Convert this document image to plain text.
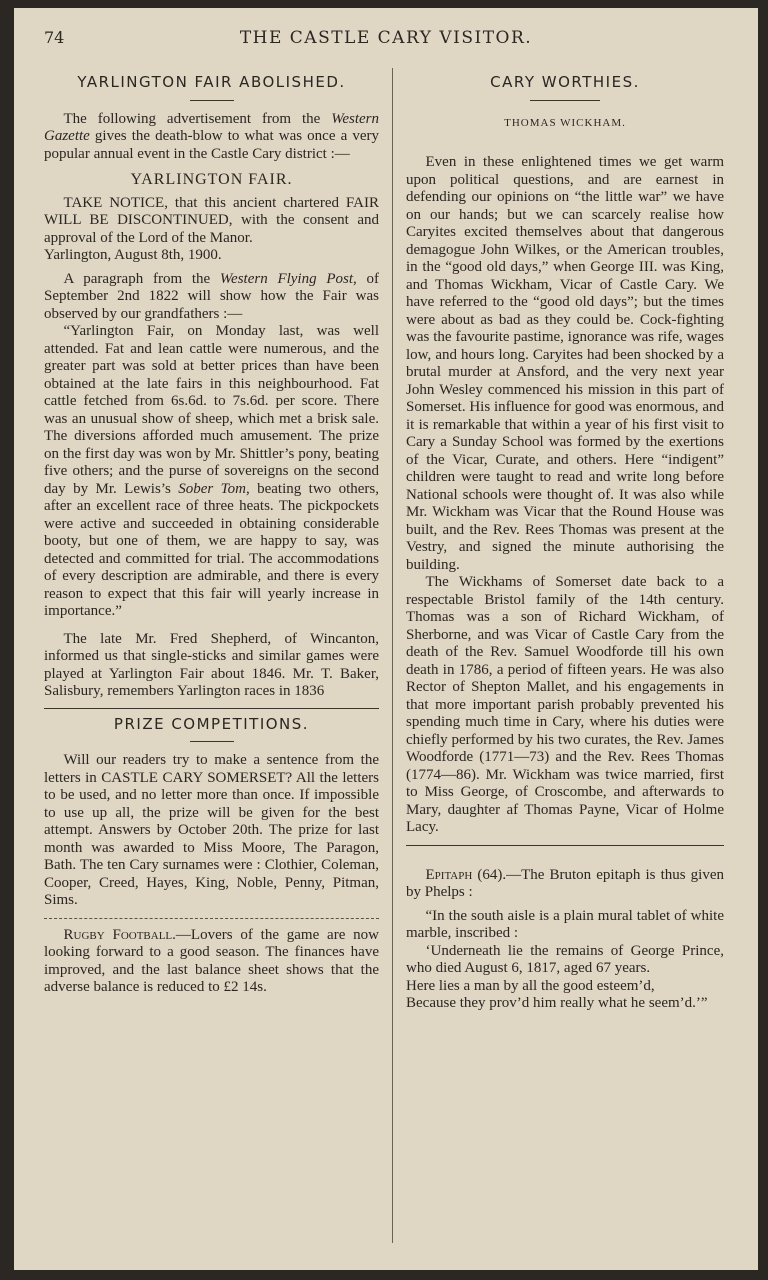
74	THE CASTLE CARY VISITOR.
YARLINGTON FAIR ABOLISHED.

The following advertisement from the Western Gazette gives the death-blow to what was once a very popular annual event in the Castle Cary district :—

YARLINGTON FAIR.

TAKE NOTICE, that this ancient chartered FAIR WILL BE DISCONTINUED, with the consent and approval of the Lord of the Manor.

Yarlington, August 8th, 1900.

A paragraph from the Western Flying Post, of September 2nd 1822 will show how the Fair was observed by our grandfathers :—

“Yarlington Fair, on Monday last, was well attended. Fat and lean cattle were numerous, and the greater part was sold at better prices than have been obtained at the late fairs in this neighbourhood. Fat cattle fetched from 6s.6d. to 7s.6d. per score. There was an unusual show of sheep, which met a brisk sale. The diversions afforded much amusement. The prize on the first day was won by Mr. Shittler’s pony, beating five others; and the purse of sovereigns on the second day by Mr. Lewis’s Sober Tom, beating two others, after an excellent race of three heats. The pickpockets were active and succeeded in obtaining considerable booty, but one of them, we are happy to say, was detected and committed for trial. The accommodations of every description are admirable, and there is every reason to expect that this fair will yearly increase in importance.”

The late Mr. Fred Shepherd, of Wincanton, informed us that single-sticks and similar games were played at Yarlington Fair about 1846. Mr. T. Baker, Salisbury, remembers Yarlington races in 1836

PRIZE COMPETITIONS.

Will our readers try to make a sentence from the letters in CASTLE CARY SOMERSET? All the letters to be used, and no letter more than once. If impossible to use up all, the prize will be given for the best attempt. Answers by October 20th. The prize for last month was awarded to Miss Moore, The Paragon, Bath. The ten Cary surnames were : Clothier, Coleman, Cooper, Creed, Hayes, King, Noble, Penny, Pitman, Sims.

Rugby Football.—Lovers of the game are now looking forward to a good season. The finances have improved, and the last balance sheet shows that the adverse balance is reduced to £2 14s.

CARY WORTHIES.
THOMAS WICKHAM.

Even in these enlightened times we get warm upon political questions, and are earnest in defending our opinions on “the little war” we have on our hands; but we can scarcely realise how Caryites excited themselves about that dangerous demagogue John Wilkes, or the American troubles, in the “good old days,” when George III. was King, and Thomas Wickham, Vicar of Castle Cary. We have referred to the “good old days”; but the times were about as bad as they could be. Cock-fighting was the favourite pastime, ignorance was rife, wages low, and hours long. Caryites had been shocked by a brutal murder at Ansford, and the very next year John Wesley commenced his mission in this part of Somerset. His influence for good was enormous, and it is remarkable that within a year of his first visit to Cary a Sunday School was formed by the exertions of the Vicar, Curate, and others. Here “indigent” children were taught to read and write long before National schools were thought of. It was also while Mr. Wickham was Vicar that the Round House was built, and the Rev. Rees Thomas was present at the Vestry, and signed the minute authorising the building.

The Wickhams of Somerset date back to a respectable Bristol family of the 14th century. Thomas was a son of Richard Wickham, of Sherborne, and was Vicar of Castle Cary from the death of the Rev. Samuel Woodforde till his own death in 1786, a period of fifteen years. He was also Rector of Shepton Mallet, and his engagements in that more important parish probably prevented his spending much time in Cary, where his duties were chiefly performed by his two curates, the Rev. James Woodforde (1771—73) and the Rev. Rees Thomas (1774—86). Mr. Wickham was twice married, first to Miss George, of Croscombe, and afterwards to Mary, daughter af Thomas Payne, Vicar of Holme Lacy.

Epitaph (64).—The Bruton epitaph is thus given by Phelps :

“In the south aisle is a plain mural tablet of white marble, inscribed :

‘Underneath lie the remains of George Prince, who died August 6, 1817, aged 67 years.

Here lies a man by all the good esteem’d,

Because they prov’d him really what he seem’d.’”
